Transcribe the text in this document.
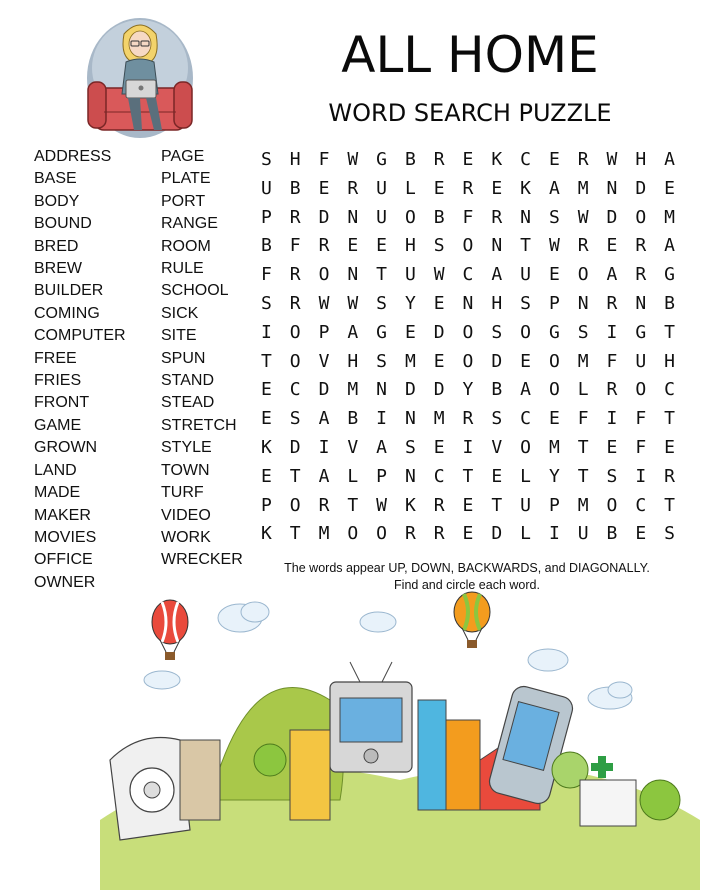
ALL HOME
WORD SEARCH PUZZLE
ADDRESS
BASE
BODY
BOUND
BRED
BREW
BUILDER
COMING
COMPUTER
FREE
FRIES
FRONT
GAME
GROWN
LAND
MADE
MAKER
MOVIES
OFFICE
OWNER
PAGE
PLATE
PORT
RANGE
ROOM
RULE
SCHOOL
SICK
SITE
SPUN
STAND
STEAD
STRETCH
STYLE
TOWN
TURF
VIDEO
WORK
WRECKER
S H F W G B R E K C E R W H A
U B E R U L E R E K A M N D E
P R D N U O B F R N S W D O M
B F R E E H S O N T W R E R A
F R O N T U W C A U E O A R G
S R W W S Y E N H S P N R N B
I O P A G E D O S O G S I G T
T O V H S M E O D E O M F U H
E C D M N D D Y B A O L R O C
E S A B I N M R S C E F I F T
K D I V A S E I V O M T E F E
E T A L P N C T E L Y T S I R
P O R T W K R E T U P M O C T
K T M O O R R E D L I U B E S
The words appear UP, DOWN, BACKWARDS, and DIAGONALLY.
Find and circle each word.
